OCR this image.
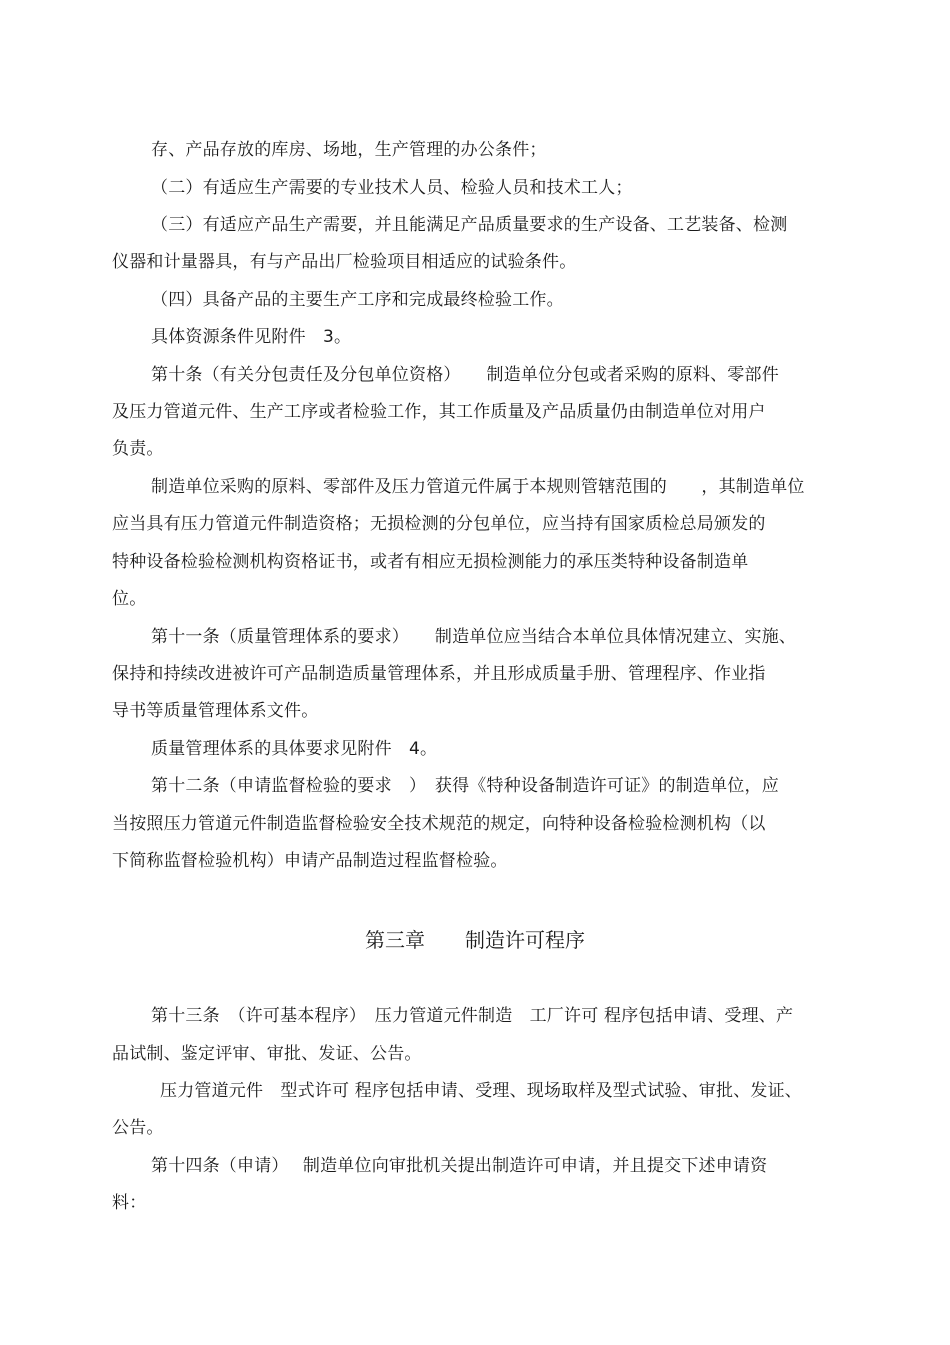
存、产品存放的库房、场地，生产管理的办公条件；
（二）有适应生产需要的专业技术人员、检验人员和技术工人；
（三）有适应产品生产需要，并且能满足产品质量要求的生产设备、工艺装备、检测
仪器和计量器具，有与产品出厂检验项目相适应的试验条件。
（四）具备产品的主要生产工序和完成最终检验工作。
具体资源条件见附件　3。
第十条（有关分包责任及分包单位资格）　　制造单位分包或者采购的原料、零部件
及压力管道元件、生产工序或者检验工作，其工作质量及产品质量仍由制造单位对用户
负责。
制造单位采购的原料、零部件及压力管道元件属于本规则管辖范围的　　，其制造单位
应当具有压力管道元件制造资格；无损检测的分包单位，应当持有国家质检总局颁发的
特种设备检验检测机构资格证书，或者有相应无损检测能力的承压类特种设备制造单
位。
第十一条（质量管理体系的要求）　　制造单位应当结合本单位具体情况建立、实施、
保持和持续改进被许可产品制造质量管理体系，并且形成质量手册、管理程序、作业指
导书等质量管理体系文件。
质量管理体系的具体要求见附件　4。
第十二条（申请监督检验的要求　）　获得《特种设备制造许可证》的制造单位，应
当按照压力管道元件制造监督检验安全技术规范的规定，向特种设备检验检测机构（以
下简称监督检验机构）申请产品制造过程监督检验。
第三章　　制造许可程序
第十三条　（许可基本程序）　压力管道元件制造　工厂许可 程序包括申请、受理、产
品试制、鉴定评审、审批、发证、公告。
压力管道元件　型式许可 程序包括申请、受理、现场取样及型式试验、审批、发证、
公告。
第十四条（申请）　 制造单位向审批机关提出制造许可申请，并且提交下述申请资
料：
